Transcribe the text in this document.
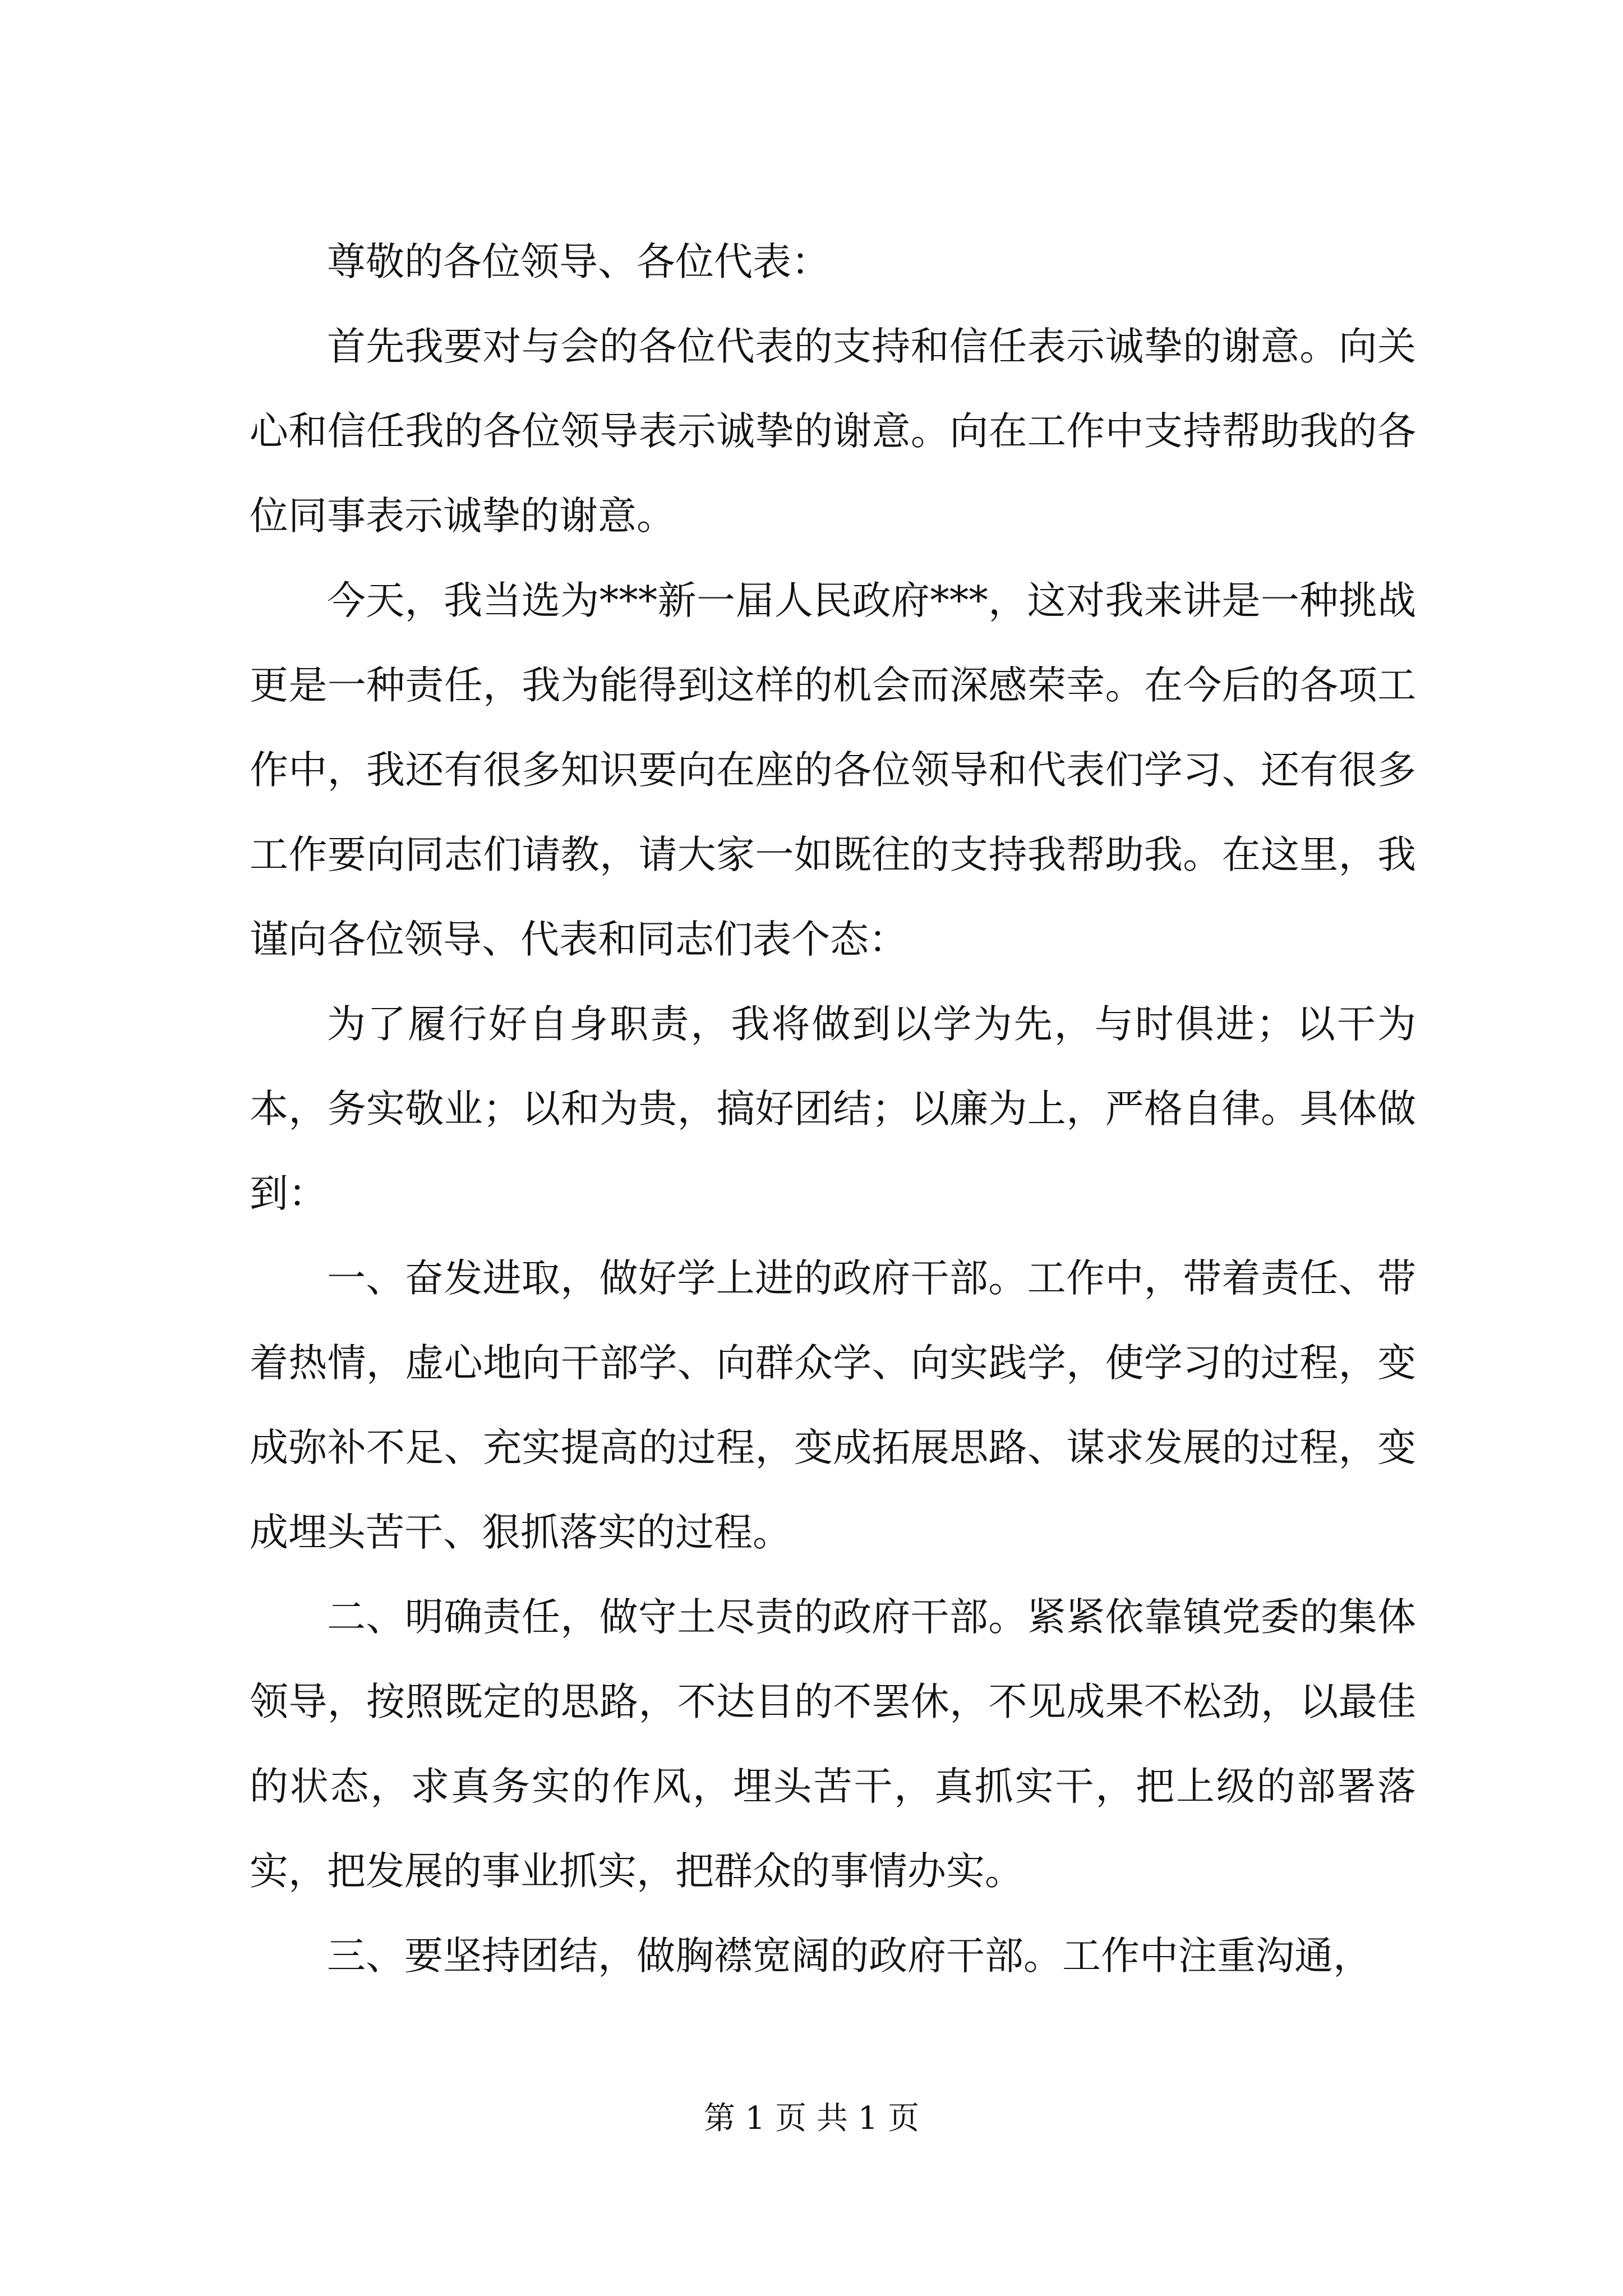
尊敬的各位领导、各位代表：

首先我要对与会的各位代表的支持和信任表示诚挚的谢意。向关心和信任我的各位领导表示诚挚的谢意。向在工作中支持帮助我的各位同事表示诚挚的谢意。

今天，我当选为***新一届人民政府***，这对我来讲是一种挑战更是一种责任，我为能得到这样的机会而深感荣幸。在今后的各项工作中，我还有很多知识要向在座的各位领导和代表们学习、还有很多工作要向同志们请教，请大家一如既往的支持我帮助我。在这里，我谨向各位领导、代表和同志们表个态：

为了履行好自身职责，我将做到以学为先，与时俱进；以干为本，务实敬业；以和为贵，搞好团结；以廉为上，严格自律。具体做到：

一、奋发进取，做好学上进的政府干部。工作中，带着责任、带着热情，虚心地向干部学、向群众学、向实践学，使学习的过程，变成弥补不足、充实提高的过程，变成拓展思路、谋求发展的过程，变成埋头苦干、狠抓落实的过程。

二、明确责任，做守土尽责的政府干部。紧紧依靠镇党委的集体领导，按照既定的思路，不达目的不罢休，不见成果不松劲，以最佳的状态，求真务实的作风，埋头苦干，真抓实干，把上级的部署落实，把发展的事业抓实，把群众的事情办实。

三、要坚持团结，做胸襟宽阔的政府干部。工作中注重沟通，

第 1 页 共 1 页
